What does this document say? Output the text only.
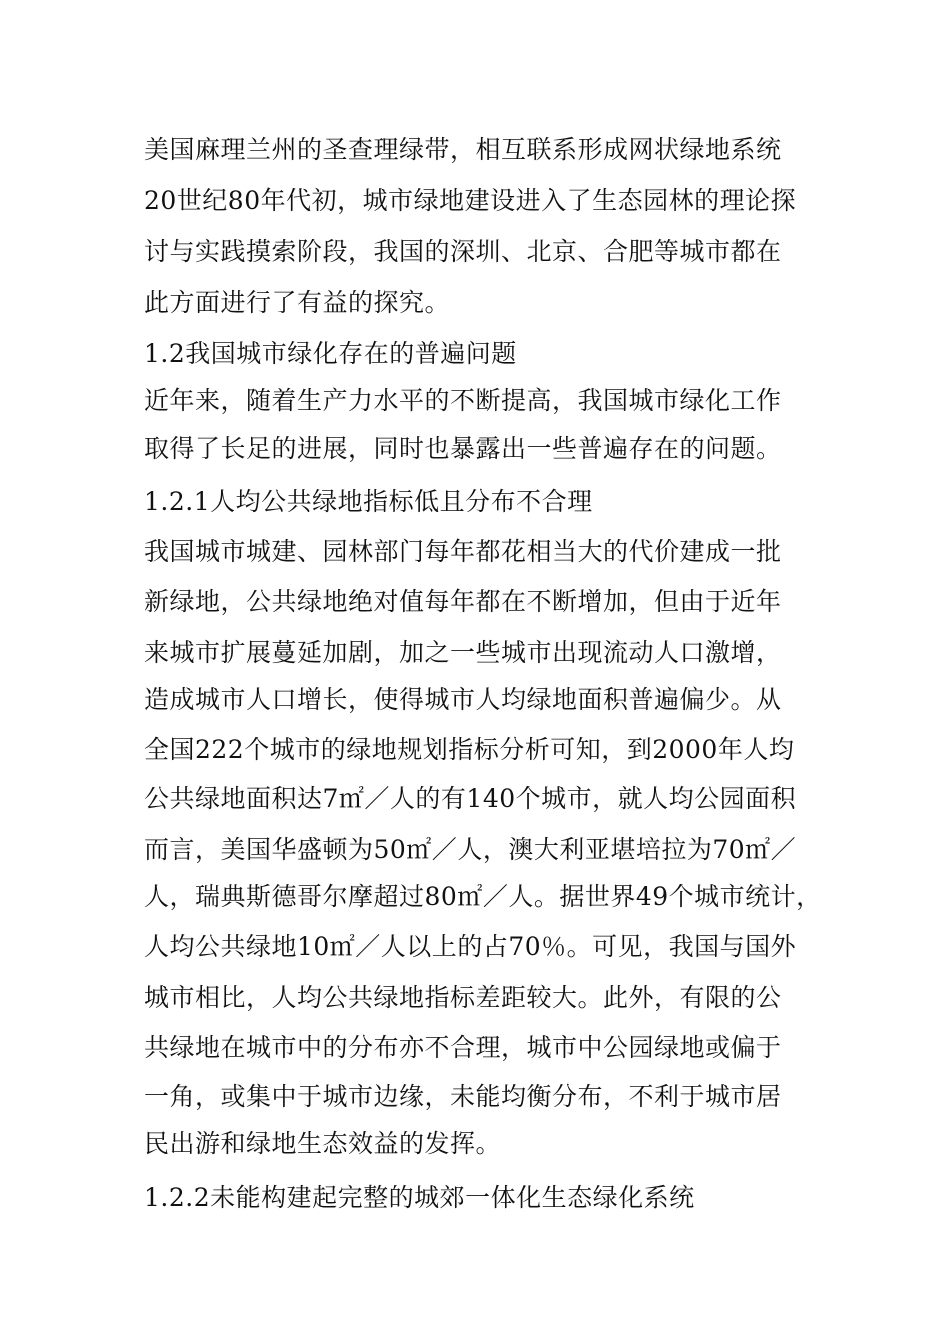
美国麻理兰州的圣查理绿带，相互联系形成网状绿地系统
20世纪80年代初，城市绿地建设进入了生态园林的理论探
讨与实践摸索阶段，我国的深圳、北京、合肥等城市都在
此方面进行了有益的探究。
1.2我国城市绿化存在的普遍问题
近年来，随着生产力水平的不断提高，我国城市绿化工作
取得了长足的进展，同时也暴露出一些普遍存在的问题。
1.2.1人均公共绿地指标低且分布不合理
我国城市城建、园林部门每年都花相当大的代价建成一批
新绿地，公共绿地绝对值每年都在不断增加，但由于近年
来城市扩展蔓延加剧，加之一些城市出现流动人口激增，
造成城市人口增长，使得城市人均绿地面积普遍偏少。从
全国222个城市的绿地规划指标分析可知，到2000年人均
公共绿地面积达7㎡／人的有140个城市，就人均公园面积
而言，美国华盛顿为50㎡／人，澳大利亚堪培拉为70㎡／
人，瑞典斯德哥尔摩超过80㎡／人。据世界49个城市统计，
人均公共绿地10㎡／人以上的占70％。可见，我国与国外
城市相比，人均公共绿地指标差距较大。此外，有限的公
共绿地在城市中的分布亦不合理，城市中公园绿地或偏于
一角，或集中于城市边缘，未能均衡分布，不利于城市居
民出游和绿地生态效益的发挥。
1.2.2未能构建起完整的城郊一体化生态绿化系统
